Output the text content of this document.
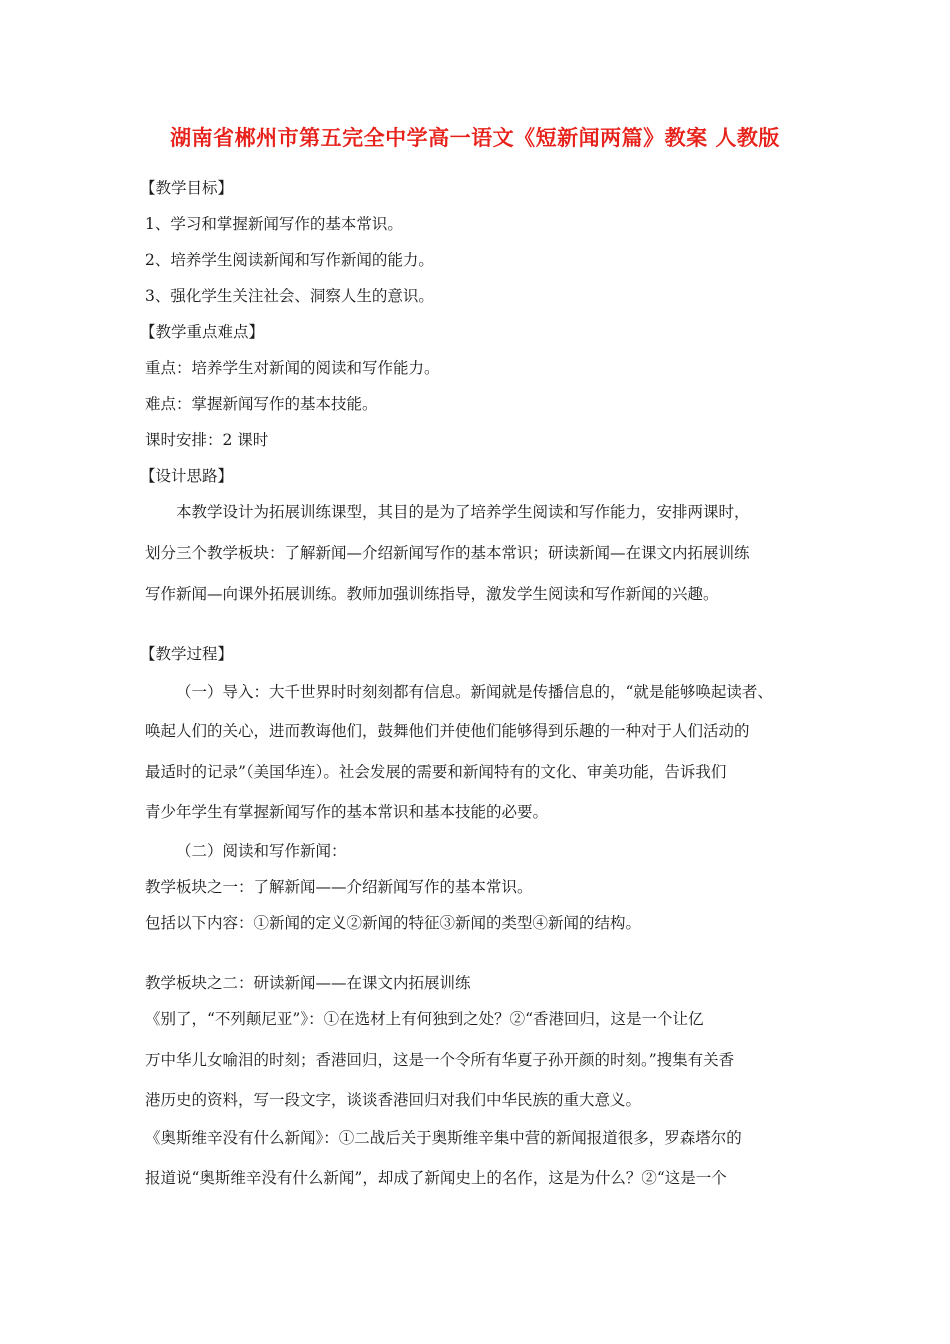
湖南省郴州市第五完全中学高一语文《短新闻两篇》教案 人教版
【教学目标】
1、学习和掌握新闻写作的基本常识。
2、培养学生阅读新闻和写作新闻的能力。
3、强化学生关注社会、洞察人生的意识。
【教学重点难点】
重点：培养学生对新闻的阅读和写作能力。
难点：掌握新闻写作的基本技能。
课时安排：2 课时
【设计思路】
本教学设计为拓展训练课型，其目的是为了培养学生阅读和写作能力，安排两课时，
划分三个教学板块：了解新闻—介绍新闻写作的基本常识；研读新闻—在课文内拓展训练
写作新闻—向课外拓展训练。教师加强训练指导，激发学生阅读和写作新闻的兴趣。
【教学过程】
（一）导入：大千世界时时刻刻都有信息。新闻就是传播信息的，“就是能够唤起读者、
唤起人们的关心，进而教诲他们，鼓舞他们并使他们能够得到乐趣的一种对于人们活动的
最适时的记录”（美国华连）。社会发展的需要和新闻特有的文化、审美功能，告诉我们
青少年学生有掌握新闻写作的基本常识和基本技能的必要。
（二）阅读和写作新闻：
教学板块之一：了解新闻——介绍新闻写作的基本常识。
包括以下内容：①新闻的定义②新闻的特征③新闻的类型④新闻的结构。
教学板块之二：研读新闻——在课文内拓展训练
《别了，“不列颠尼亚”》：①在选材上有何独到之处？②“香港回归，这是一个让亿
万中华儿女喻泪的时刻；香港回归，这是一个令所有华夏子孙开颜的时刻。”搜集有关香
港历史的资料，写一段文字，谈谈香港回归对我们中华民族的重大意义。
《奥斯维辛没有什么新闻》：①二战后关于奥斯维辛集中营的新闻报道很多，罗森塔尔的
报道说“奥斯维辛没有什么新闻”，却成了新闻史上的名作，这是为什么？②“这是一个
